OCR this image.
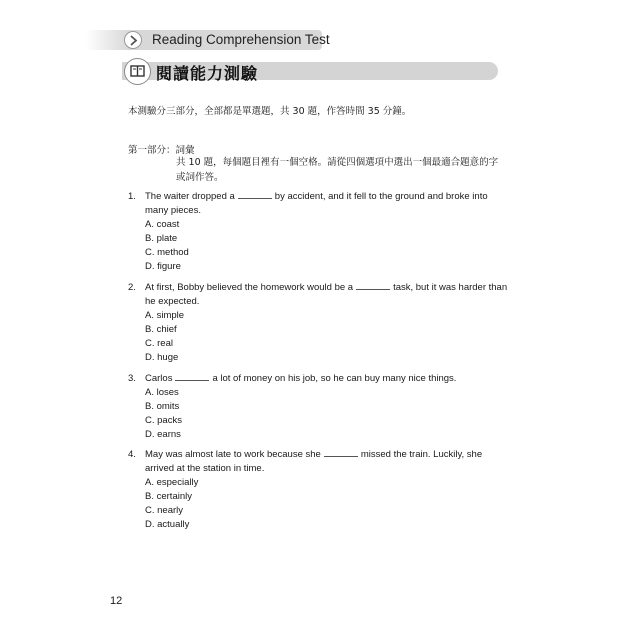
Reading Comprehension Test
閱讀能力測驗
本測驗分三部分，全部都是單選題，共 30 題，作答時間 35 分鐘。
第一部分：詞彙
共 10 題，每個題目裡有一個空格。請從四個選項中選出一個最適合題意的字或詞作答。
1. The waiter dropped a	by accident, and it fell to the ground and broke into many pieces.
A. coast
B. plate
C. method
D. figure
2. At first, Bobby believed the homework would be a	task, but it was harder than he expected.
A. simple
B. chief
C. real
D. huge
3. Carlos	a lot of money on his job, so he can buy many nice things.
A. loses
B. omits
C. packs
D. earns
4. May was almost late to work because she	missed the train. Luckily, she arrived at the station in time.
A. especially
B. certainly
C. nearly
D. actually
12
